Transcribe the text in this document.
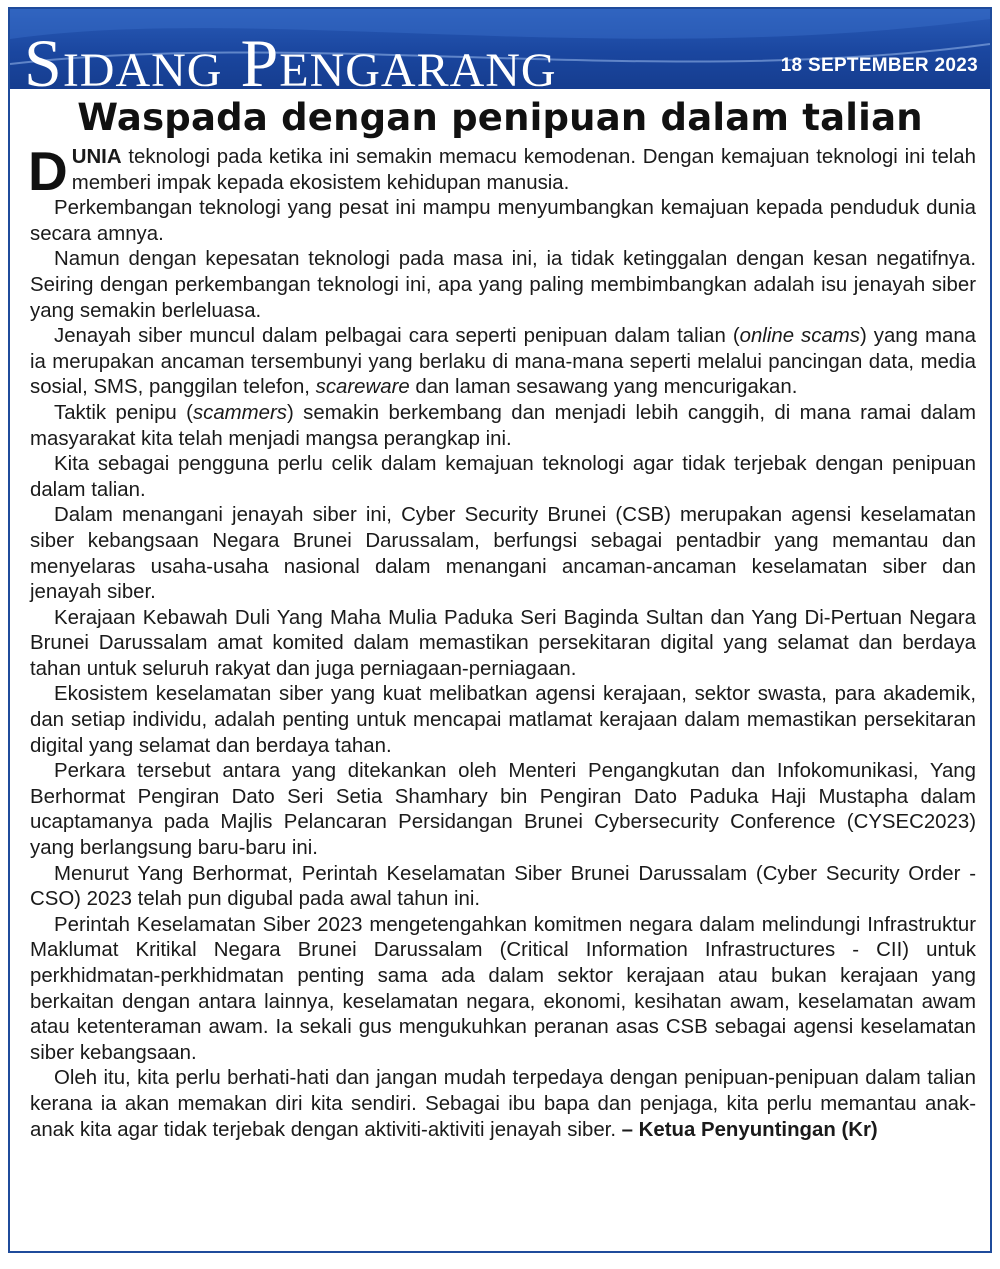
Sidang Pengarang	18 SEPTEMBER 2023
Waspada dengan penipuan dalam talian

DUNIA teknologi pada ketika ini semakin memacu kemodenan. Dengan kemajuan teknologi ini telah memberi impak kepada ekosistem kehidupan manusia.

Perkembangan teknologi yang pesat ini mampu menyumbangkan kemajuan kepada penduduk dunia secara amnya.

Namun dengan kepesatan teknologi pada masa ini, ia tidak ketinggalan dengan kesan negatifnya. Seiring dengan perkembangan teknologi ini, apa yang paling membimbangkan adalah isu jenayah siber yang semakin berleluasa.

Jenayah siber muncul dalam pelbagai cara seperti penipuan dalam talian (online scams) yang mana ia merupakan ancaman tersembunyi yang berlaku di mana-mana seperti melalui pancingan data, media sosial, SMS, panggilan telefon, scareware dan laman sesawang yang mencurigakan.

Taktik penipu (scammers) semakin berkembang dan menjadi lebih canggih, di mana ramai dalam masyarakat kita telah menjadi mangsa perangkap ini.

Kita sebagai pengguna perlu celik dalam kemajuan teknologi agar tidak terjebak dengan penipuan dalam talian.

Dalam menangani jenayah siber ini, Cyber Security Brunei (CSB) merupakan agensi keselamatan siber kebangsaan Negara Brunei Darussalam, berfungsi sebagai pentadbir yang memantau dan menyelaras usaha-usaha nasional dalam menangani ancaman-ancaman keselamatan siber dan jenayah siber.

Kerajaan Kebawah Duli Yang Maha Mulia Paduka Seri Baginda Sultan dan Yang Di-Pertuan Negara Brunei Darussalam amat komited dalam memastikan persekitaran digital yang selamat dan berdaya tahan untuk seluruh rakyat dan juga perniagaan-perniagaan.

Ekosistem keselamatan siber yang kuat melibatkan agensi kerajaan, sektor swasta, para akademik, dan setiap individu, adalah penting untuk mencapai matlamat kerajaan dalam memastikan persekitaran digital yang selamat dan berdaya tahan.

Perkara tersebut antara yang ditekankan oleh Menteri Pengangkutan dan Infokomunikasi, Yang Berhormat Pengiran Dato Seri Setia Shamhary bin Pengiran Dato Paduka Haji Mustapha dalam ucaptamanya pada Majlis Pelancaran Persidangan Brunei Cybersecurity Conference (CYSEC2023) yang berlangsung baru-baru ini.

Menurut Yang Berhormat, Perintah Keselamatan Siber Brunei Darussalam (Cyber Security Order - CSO) 2023 telah pun digubal pada awal tahun ini.

Perintah Keselamatan Siber 2023 mengetengahkan komitmen negara dalam melindungi Infrastruktur Maklumat Kritikal Negara Brunei Darussalam (Critical Information Infrastructures - CII) untuk perkhidmatan-perkhidmatan penting sama ada dalam sektor kerajaan atau bukan kerajaan yang berkaitan dengan antara lainnya, keselamatan negara, ekonomi, kesihatan awam, keselamatan awam atau ketenteraman awam. Ia sekali gus mengukuhkan peranan asas CSB sebagai agensi keselamatan siber kebangsaan.

Oleh itu, kita perlu berhati-hati dan jangan mudah terpedaya dengan penipuan-penipuan dalam talian kerana ia akan memakan diri kita sendiri. Sebagai ibu bapa dan penjaga, kita perlu memantau anak-anak kita agar tidak terjebak dengan aktiviti-aktiviti jenayah siber. – Ketua Penyuntingan (Kr)
